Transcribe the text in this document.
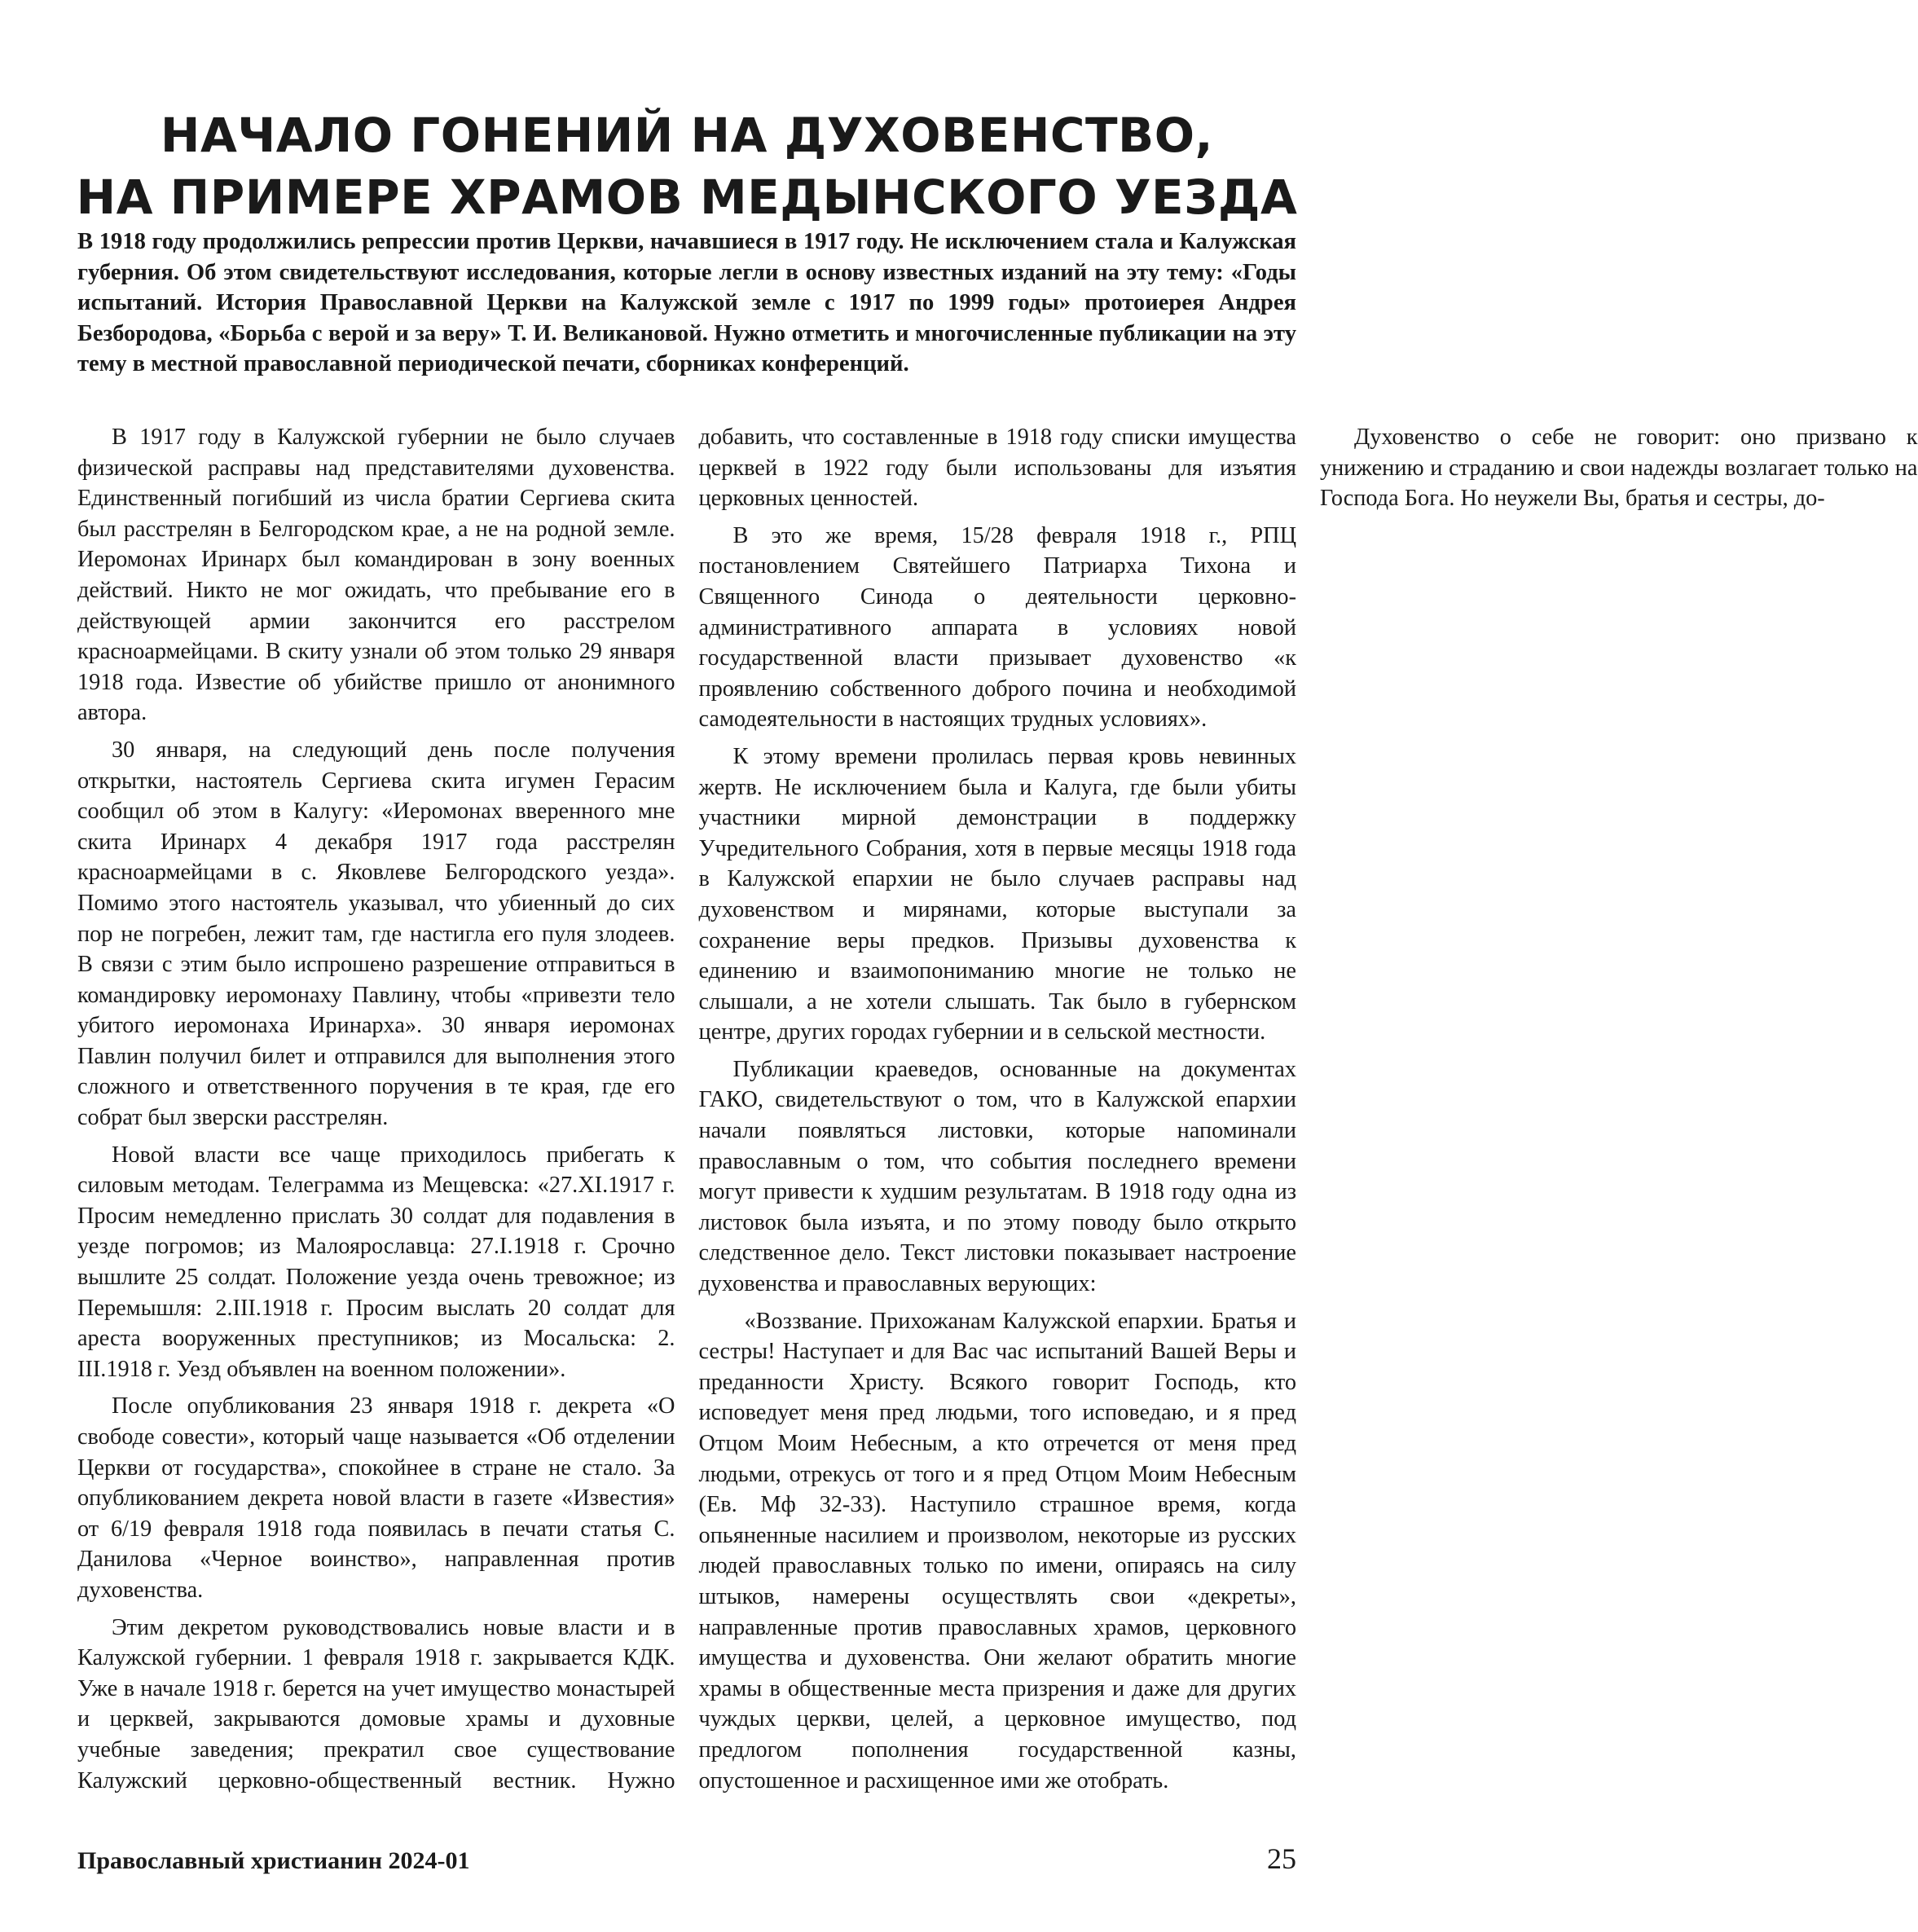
НАЧАЛО ГОНЕНИЙ НА ДУХОВЕНСТВО,
НА ПРИМЕРЕ ХРАМОВ МЕДЫНСКОГО УЕЗДА

В 1918 году продолжились репрессии против Церкви, начавшиеся в 1917 году. Не исключением стала и Калужская губерния. Об этом свидетельствуют исследования, которые легли в основу известных изданий на эту тему: «Годы испытаний. История Православной Церкви на Калужской земле с 1917 по 1999 годы» протоиерея Андрея Безбородова, «Борьба с верой и за веру» Т. И. Великановой. Нужно отметить и многочисленные публикации на эту тему в местной православной периодической печати, сборниках конференций.

В 1917 году в Калужской губернии не было случаев физической расправы над представителями духовенства. Единственный погибший из числа братии Сергиева скита был расстрелян в Белгородском крае, а не на родной земле. Иеромонах Иринарх был командирован в зону военных действий. Никто не мог ожидать, что пребывание его в действующей армии закончится его расстрелом красноармейцами. В скиту узнали об этом только 29 января 1918 года. Известие об убийстве пришло от анонимного автора.

30 января, на следующий день после получения открытки, настоятель Сергиева скита игумен Герасим сообщил об этом в Калугу: «Иеромонах вверенного мне скита Иринарх 4 декабря 1917 года расстрелян красноармейцами в с. Яковлеве Белгородского уезда». Помимо этого настоятель указывал, что убиенный до сих пор не погребен, лежит там, где настигла его пуля злодеев. В связи с этим было испрошено разрешение отправиться в командировку иеромонаху Павлину, чтобы «привезти тело убитого иеромонаха Иринарха». 30 января иеромонах Павлин получил билет и отправился для выполнения этого сложного и ответственного поручения в те края, где его собрат был зверски расстрелян.

Новой власти все чаще приходилось прибегать к силовым методам. Телеграмма из Мещевска: «27.XI.1917 г. Просим немедленно прислать 30 солдат для подавления в уезде погромов; из Малоярославца: 27.I.1918 г. Срочно вышлите 25 солдат. Положение уезда очень тревожное; из Перемышля: 2.III.1918 г. Просим выслать 20 солдат для ареста вооруженных преступников; из Мосальска: 2. III.1918 г. Уезд объявлен на военном положении».

После опубликования 23 января 1918 г. декрета «О свободе совести», который чаще называется «Об отделении Церкви от государства», спокойнее в стране не стало. За опубликованием декрета новой власти в газете «Известия» от 6/19 февраля 1918 года появилась в печати статья С. Данилова «Черное воинство», направленная против духовенства.

Этим декретом руководствовались новые власти и в Калужской губернии. 1 февраля 1918 г. закрывается КДК. Уже в начале 1918 г. берется на учет имущество монастырей и церквей, закрываются домовые храмы и духовные учебные заведения; прекратил свое существование Калужский церковно-общественный вестник. Нужно добавить, что составленные в 1918 году списки имущества церквей в 1922 году были использованы для изъятия церковных ценностей.

В это же время, 15/28 февраля 1918 г., РПЦ постановлением Святейшего Патриарха Тихона и Священного Синода о деятельности церковно-административного аппарата в условиях новой государственной власти призывает духовенство «к проявлению собственного доброго почина и необходимой самодеятельности в настоящих трудных условиях».

К этому времени пролилась первая кровь невинных жертв. Не исключением была и Калуга, где были убиты участники мирной демонстрации в поддержку Учредительного Собрания, хотя в первые месяцы 1918 года в Калужской епархии не было случаев расправы над духовенством и мирянами, которые выступали за сохранение веры предков. Призывы духовенства к единению и взаимопониманию многие не только не слышали, а не хотели слышать. Так было в губернском центре, других городах губернии и в сельской местности.

Публикации краеведов, основанные на документах ГАКО, свидетельствуют о том, что в Калужской епархии начали появляться листовки, которые напоминали православным о том, что события последнего времени могут привести к худшим результатам. В 1918 году одна из листовок была изъята, и по этому поводу было открыто следственное дело. Текст листовки показывает настроение духовенства и православных верующих:

«Воззвание. Прихожанам Калужской епархии. Братья и сестры! Наступает и для Вас час испытаний Вашей Веры и преданности Христу. Всякого говорит Господь, кто исповедует меня пред людьми, того исповедаю, и я пред Отцом Моим Небесным, а кто отречется от меня пред людьми, отрекусь от того и я пред Отцом Моим Небесным (Ев. Мф 32-33). Наступило страшное время, когда опьяненные насилием и произволом, некоторые из русских людей православных только по имени, опираясь на силу штыков, намерены осуществлять свои «декреты», направленные против православных храмов, церковного имущества и духовенства. Они желают обратить многие храмы в общественные места призрения и даже для других чуждых церкви, целей, а церковное имущество, под предлогом пополнения государственной казны, опустошенное и расхищенное ими же отобрать.

Духовенство о себе не говорит: оно призвано к унижению и страданию и свои надежды возлагает только на Господа Бога. Но неужели Вы, братья и сестры, до-

Православный христианин 2024-01	25
